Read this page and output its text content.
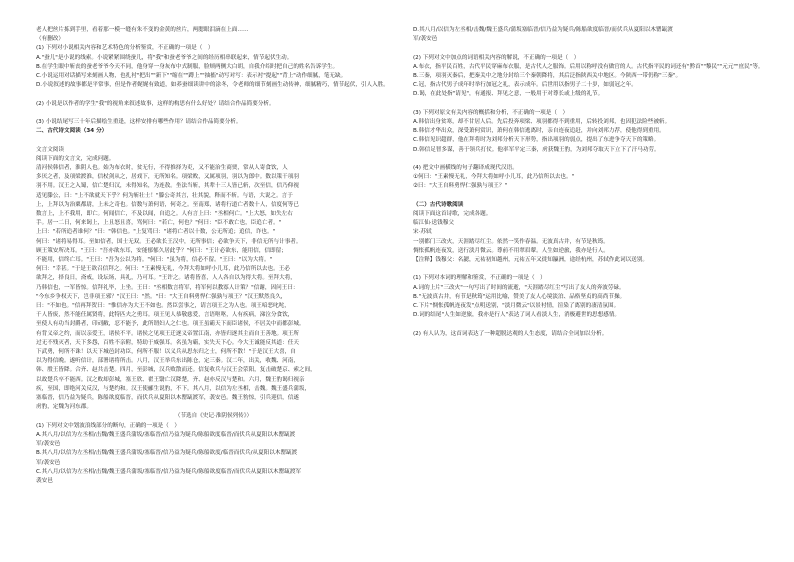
老人把丝片拣到手里，看着那一模一缝有朱不变的金黄的丝片，两腮眼泪滴在上面……
（有删改）
(1) 下列对小说相关内容和艺术特色的分析鉴赏，不正确的一项是（　）
A."蚕儿"是小说的线索。小说紧紧围绕蚕儿，将"我"和蚕老爷爷之间的经历相串联起来，情节起伏生动。
B.在学生眼中斩丧的蚕老爷爷今天不同，他身穿一身灰布中式制服，脸颊两侧大白胡，自我介绍时把自己的姓名告诉学生。
C.小说运用对话描写来刻画人物，也扎衬"把出""新下""缩在""蹲上""抽搐"动写对写：表示衬"提起""背上"动作细腻，笔无缺。
D.小说叙述的故事都是平常事，但是作者娓娓有致道，如养蚕细读讲中的涂冬，令老师的细节刻画生动传神，细腻精巧，情节起伏，引人入胜。
(2) 小说是以作者的学生"我"的视角来叙述故事，这样的构思有什么好处？请结合作品简要分析。
(3) 小说结尾写三十年后描绘生重逢，这样安排有哪些作用？请结合作品简要分析。
二、古代诗文阅读（34 分）
文言文阅读
阅读下面的文言文，完成问题。
清河侯韩信者，淮阴人也。始为布衣时，贫无行，不得推择为吏，又不能治生商贾，常从人寄食饮，人
多厌之者，及项梁渡淮，信杖剑从之，居戏下，无所知名。项梁败，又属项羽，羽以为郎中。数以策干项羽
羽不用。汉王之入蜀，信亡楚归汉，未得知名，为连敖。坐法当斩，其辈十三人皆已斩，次至信，信乃仰视
适见滕公，曰："上不欲就天下乎？何为斩壮士！"滕公奇其言，壮其貌，释而不斩。与语，大说之。言于
上，上拜以为治粟都尉，上未之奇也。信数与萧何语，何奇之。至南郑，诸将行道亡者数十人，信度何等已
数言上，上不我用，即亡。何闻信亡，不及以闻，自追之。人有言上曰："丞相何亡。"上大怒，如失左右
手。居一二日，何来谒上，上且怒且喜，骂何曰："若亡，何也？"何曰："臣不敢亡也，臣追亡者。"
上曰："若所追者谁何？"曰："韩信也。"上复骂曰："诸将亡者以十数，公无所追；追信，诈也。"
何曰："诸将易得耳。至如信者，国士无双。王必欲长王汉中，无所事信；必欲争天下，非信无所与计事者。
顾王策安所决耳。"王曰："吾亦欲东耳，安能郁郁久居此乎？"何曰："王计必欲东，能用信，信即留；
不能用，信终亡耳。"王曰："吾为公以为将。"何曰："虽为将，信必不留。"王曰："以为大将。"
何曰："幸甚。"于是王欲召信拜之。何曰："王素慢无礼，今拜大将如呼小儿耳，此乃信所以去也。王必
欲拜之，择良日，斋戒，设坛场，具礼，乃可耳。"王许之。诸将皆喜，人人各自以为得大将。至拜大将，
乃韩信也，一军皆惊。信拜礼毕，上坐。王曰："丞相数言将军，将军何以教寡人计策？"信谢，因问王曰：
"今东乡争权天下，岂非项王邪？"汉王曰："然。"曰："大王自料勇悍仁强孰与项王？"汉王默然良久，
曰："不如也。"信再拜贺曰："惟信亦为大王不如也。然臣尝事之，请言项王之为人也。项王喑恶叱咤，
千人皆废，然不能任属贤将，此特匹夫之勇耳。项王见人恭敬慈爱，言语呕呕，人有疾病，涕泣分食饮，
至使人有功当封爵者，印刓敝，忍不能予，此所谓妇人之仁也。项王虽霸天下而臣诸侯，不居关中而都彭城。
有背义帝之约，而以亲爱王，诸侯不平。诸侯之见项王迁逐义帝置江南，亦皆归逐其主而自王善地。项王所
过无不残灭者，天下多怨，百姓不亲附，特劫于威强耳。名虽为霸，实失天下心。今大王诚能反其道：任天
下武勇，何所不诛！以天下城邑封功臣，何所不服！以义兵从思东归之士，何所不散！"于是汉王大喜，自
以为得信晚。遂听信计，部署诸将所击。八月，汉王举兵东出陈仓，定三秦。汉二年，出关，收魏、河南，
韩、殷王皆降。合齐、赵共击楚。四月，至彭城，汉兵败散而还。信复收兵与汉王会荥阳，复击破楚京、索之间，
以故楚兵卒不能西。汉之败却彭城，塞王欣、翟王翳亡汉降楚，齐、赵亦反汉与楚和。六月，魏王豹谒归视亲
疾，至国，即绝河关反汉，与楚约和。汉王使郦生说豹，不下。其八月，以信为左丞相，击魏。魏王盛兵蒲坂，
塞临晋，信乃益为疑兵，陈船欲度临晋，而伏兵从夏阳以木罂缻渡军，袭安邑。魏王豹惊，引兵迎信，信遂
虏豹，定魏为河东郡。
（节选自《史记·淮阴侯列传》）
(1) 下列对文中划波浪线部分的断句，正确的一项是（　）
A.其八月/以信为左丞相/击魏/魏王盛兵蒲坂/塞临晋/信乃益为疑兵/陈船欲度临晋/而伏兵从夏阳以木罂缻渡
军/袭安邑
B.其八月/以信为左丞相/击魏/魏王盛兵蒲坂/塞临晋/信乃益为疑兵/陈船欲度/临晋而伏兵/从夏阳以木罂缻渡
军/袭安邑
C.其八月/以信为左丞相/击魏/魏王盛兵蒲坂/塞临晋/信乃益为疑兵/陈船欲度临晋/而伏兵从夏阳以木罂缻渡军
袭安邑
D.其八月/以信为左丞相/击魏/魏王盛兵/蒲坂塞临晋/信乃益为疑兵/陈船欲度临晋/而伏兵从夏阳以木罂缻渡
军/袭安邑
(2) 下列对文中加点的词语相关内容的解说，不正确的一项是（　）
A.布衣，指平民百姓，古代平民穿麻布衣服，是古代人之服饰。后用以称呼没有做官的人。古代指平民的词还有"黔首""黎民""元元""庶民"等。
B.三秦，项羽灭秦后，把秦关中之地分封给三个秦朝降将，其后泛指陕西关中地区。今陕西一带仍称"三秦"。
C.冠，指古代男子成年时举行加冠之礼，表示成年。后世用以指男子二十岁，如弱冠之年。
D.谒，在此处指"请见"，有通报、拜见之意，一般用于对尊长或上级的礼节。
(3) 下列对原文有关内容的概括和分析，不正确的一项是（　）
A.韩信出身贫寒，却不甘居人后。先后投奔项梁、项羽都得不到重用，后转投刘邦，也因犯法险些被斩。
B.韩信才华出众，深受萧何赏识，萧何在韩信逃离时，亲自连夜追赶，并向刘邦力荐，使他得到重用。
C.韩信见识超群，他在拜将时为刘邦分析天下形势，指出项羽的弱点，提出了东进争夺天下的策略。
D.韩信足智多谋，善于领兵打仗。他率军平定三秦，虏获魏王豹，为刘邦夺取天下立下了汗马功劳。
(4) 把文中画横线的句子翻译成现代汉语。
①何曰："王素慢无礼，今拜大将如呼小儿耳，此乃信所以去也。"
②曰："大王自料勇悍仁强孰与项王？"
（二）古代诗歌阅读
阅读下面这首诗歌，完成各题。
临江仙·送钱穆父
宋·苏轼
一别都门三改火，天涯踏尽红尘。依然一笑作春温。无波真古井，有节是秋筠。
惆怅孤帆连夜发，送行淡月微云。尊前不用翠眉颦。人生如逆旅，我亦是行人。
【注释】钱穆父：名勰，元祐初知越州，元祐五年又徙知瀛洲，途经杭州，苏轼作此词以送别。
(1) 下列对本词的理解和鉴赏，不正确的一项是（　）
A.词的上片"三改火"一句写出了时间的流逝，"天涯踏尽红尘"写出了友人的奔波劳碌。
B."无波真古井，有节是秋筠"运用比喻，赞美了友人心境淡泊、品格坚贞的高尚节操。
C.下片"惆怅孤帆连夜发"点明送别，"淡月微云"以景衬情，渲染了离别的凄清氛围。
D.词的结尾"人生如逆旅，我亦是行人"表达了词人看淡人生，消极避世的思想感情。
(2) 有人认为，这首词表达了一种超脱达观的人生态度，请结合全词加以分析。
